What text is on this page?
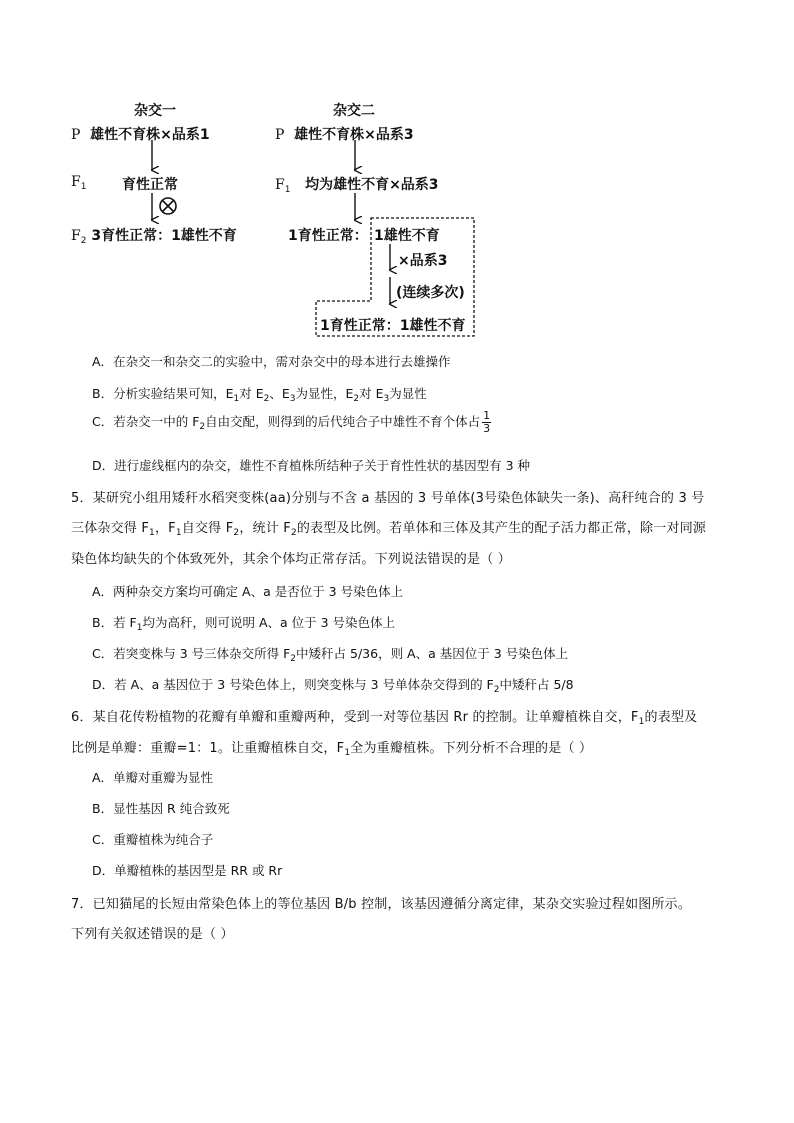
杂交一
P 雄性不育株×品系1
$F_1$	育性正常
$F_2$ 3育性正常：1雄性不育
杂交二
P 雄性不育株×品系3
$F_1$ 均为雄性不育×品系3
1育性正常： 1雄性不育
×品系3
(连续多次)
1育性正常：1雄性不育
A．在杂交一和杂交二的实验中，需对杂交中的母本进行去雄操作
B．分析实验结果可知，$E_1$对 $E_2$、$E_3$为显性，$E_2$对 $E_3$为显性
C．若杂交一中的 $F_2$自由交配，则得到的后代纯合子中雄性不育个体占 $\frac{1}{3}$
D．进行虚线框内的杂交，雄性不育植株所结种子关于育性性状的基因型有 3 种
5．某研究小组用矮秆水稻突变株(aa)分别与不含 a 基因的 3 号单体(3号染色体缺失一条)、高秆纯合的 3 号
三体杂交得 $F_1$，$F_1$自交得 $F_2$，统计 $F_2$的表型及比例。若单体和三体及其产生的配子活力都正常，除一对同源
染色体均缺失的个体致死外，其余个体均正常存活。下列说法错误的是（ ）
A．两种杂交方案均可确定 A、a 是否位于 3 号染色体上
B．若 $F_1$均为高秆，则可说明 A、a 位于 3 号染色体上
C．若突变株与 3 号三体杂交所得 $F_2$中矮秆占 5/36，则 A、a 基因位于 3 号染色体上
D．若 A、a 基因位于 3 号染色体上，则突变株与 3 号单体杂交得到的 $F_2$中矮秆占 5/8
6．某自花传粉植物的花瓣有单瓣和重瓣两种，受到一对等位基因 Rr 的控制。让单瓣植株自交，$F_1$的表型及
比例是单瓣：重瓣=1：1。让重瓣植株自交，$F_1$全为重瓣植株。下列分析不合理的是（ ）
A．单瓣对重瓣为显性
B．显性基因 R 纯合致死
C．重瓣植株为纯合子
D．单瓣植株的基因型是 RR 或 Rr
7．已知猫尾的长短由常染色体上的等位基因 B/b 控制，该基因遵循分离定律，某杂交实验过程如图所示。
下列有关叙述错误的是（ ）
